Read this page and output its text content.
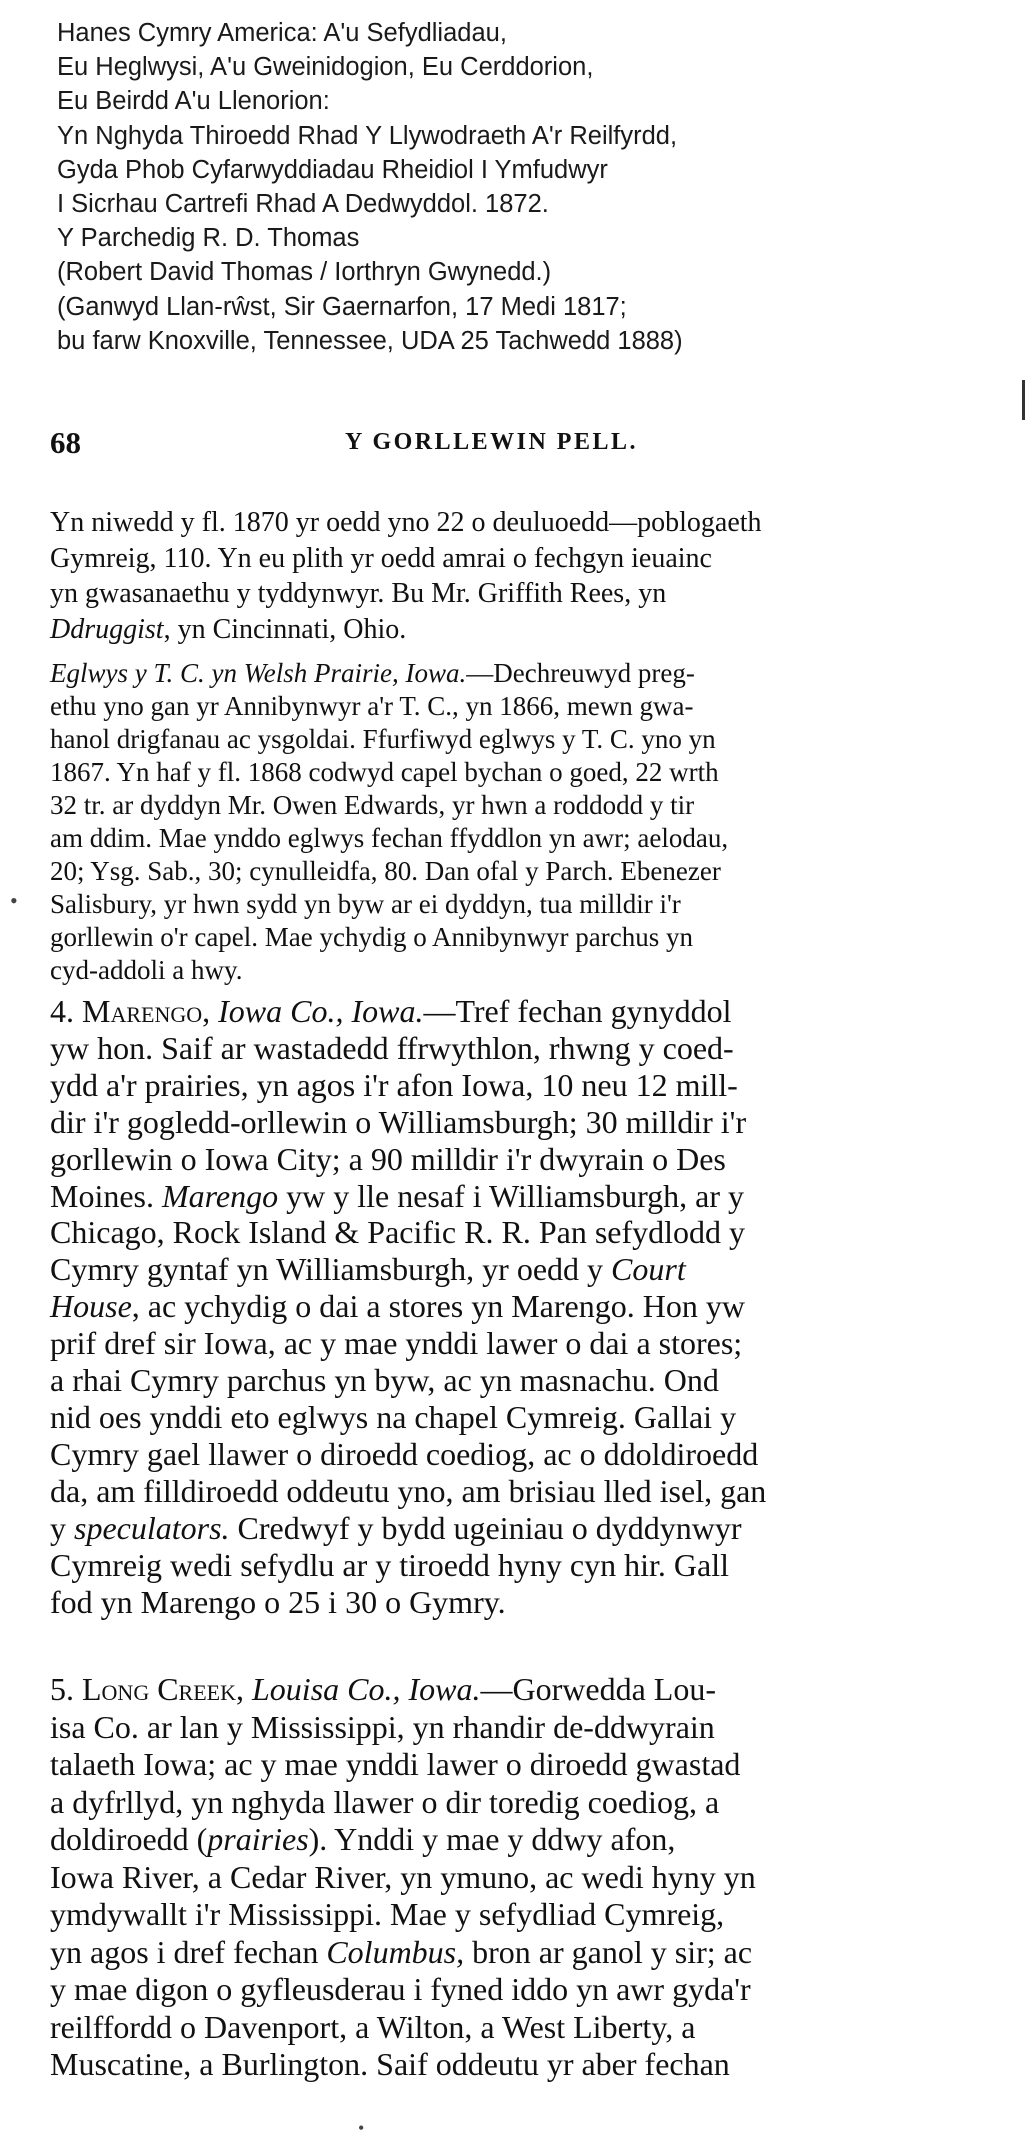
Hanes Cymry America: A'u Sefydliadau,
Eu Heglwysi, A'u Gweinidogion, Eu Cerddorion,
Eu Beirdd A'u Llenorion:
Yn Nghyda Thiroedd Rhad Y Llywodraeth A'r Reilfyrdd,
Gyda Phob Cyfarwyddiadau Rheidiol I Ymfudwyr
I Sicrhau Cartrefi Rhad A Dedwyddol. 1872.
Y Parchedig R. D. Thomas
(Robert David Thomas / Iorthryn Gwynedd.)
(Ganwyd Llan-rŵst, Sir Gaernarfon, 17 Medi 1817;
bu farw Knoxville, Tennessee, UDA 25 Tachwedd 1888)
68	Y GORLLEWIN PELL.
Yn niwedd y fl. 1870 yr oedd yno 22 o deuluoedd—poblogaeth
Gymreig, 110. Yn eu plith yr oedd amrai o fechgyn ieuainc
yn gwasanaethu y tyddynwyr. Bu Mr. Griffith Rees, yn
Ddruggist, yn Cincinnati, Ohio.
Eglwys y T. C. yn Welsh Prairie, Iowa.—Dechreuwyd preg-
ethu yno gan yr Annibynwyr a'r T. C., yn 1866, mewn gwa-
hanol drigfanau ac ysgoldai. Ffurfiwyd eglwys y T. C. yno yn
1867. Yn haf y fl. 1868 codwyd capel bychan o goed, 22 wrth
32 tr. ar dyddyn Mr. Owen Edwards, yr hwn a roddodd y tir
am ddim. Mae ynddo eglwys fechan ffyddlon yn awr; aelodau,
20; Ysg. Sab., 30; cynulleidfa, 80. Dan ofal y Parch. Ebenezer
Salisbury, yr hwn sydd yn byw ar ei dyddyn, tua milldir i'r
gorllewin o'r capel. Mae ychydig o Annibynwyr parchus yn
cyd-addoli a hwy.
•
4. Marengo, Iowa Co., Iowa.—Tref fechan gynyddol
yw hon. Saif ar wastadedd ffrwythlon, rhwng y coed-
ydd a'r prairies, yn agos i'r afon Iowa, 10 neu 12 mill-
dir i'r gogledd-orllewin o Williamsburgh; 30 milldir i'r
gorllewin o Iowa City; a 90 milldir i'r dwyrain o Des
Moines. Marengo yw y lle nesaf i Williamsburgh, ar y
Chicago, Rock Island & Pacific R. R. Pan sefydlodd y
Cymry gyntaf yn Williamsburgh, yr oedd y Court
House, ac ychydig o dai a stores yn Marengo. Hon yw
prif dref sir Iowa, ac y mae ynddi lawer o dai a stores;
a rhai Cymry parchus yn byw, ac yn masnachu. Ond
nid oes ynddi eto eglwys na chapel Cymreig. Gallai y
Cymry gael llawer o diroedd coediog, ac o ddoldiroedd
da, am filldiroedd oddeutu yno, am brisiau lled isel, gan
y speculators. Credwyf y bydd ugeiniau o dyddynwyr
Cymreig wedi sefydlu ar y tiroedd hyny cyn hir. Gall
fod yn Marengo o 25 i 30 o Gymry.
5. Long Creek, Louisa Co., Iowa.—Gorwedda Lou-
isa Co. ar lan y Mississippi, yn rhandir de-ddwyrain
talaeth Iowa; ac y mae ynddi lawer o diroedd gwastad
a dyfrllyd, yn nghyda llawer o dir toredig coediog, a
doldiroedd (prairies). Ynddi y mae y ddwy afon,
Iowa River, a Cedar River, yn ymuno, ac wedi hyny yn
ymdywallt i'r Mississippi. Mae y sefydliad Cymreig,
yn agos i dref fechan Columbus, bron ar ganol y sir; ac
y mae digon o gyfleusderau i fyned iddo yn awr gyda'r
reilffordd o Davenport, a Wilton, a West Liberty, a
Muscatine, a Burlington. Saif oddeutu yr aber fechan
•
